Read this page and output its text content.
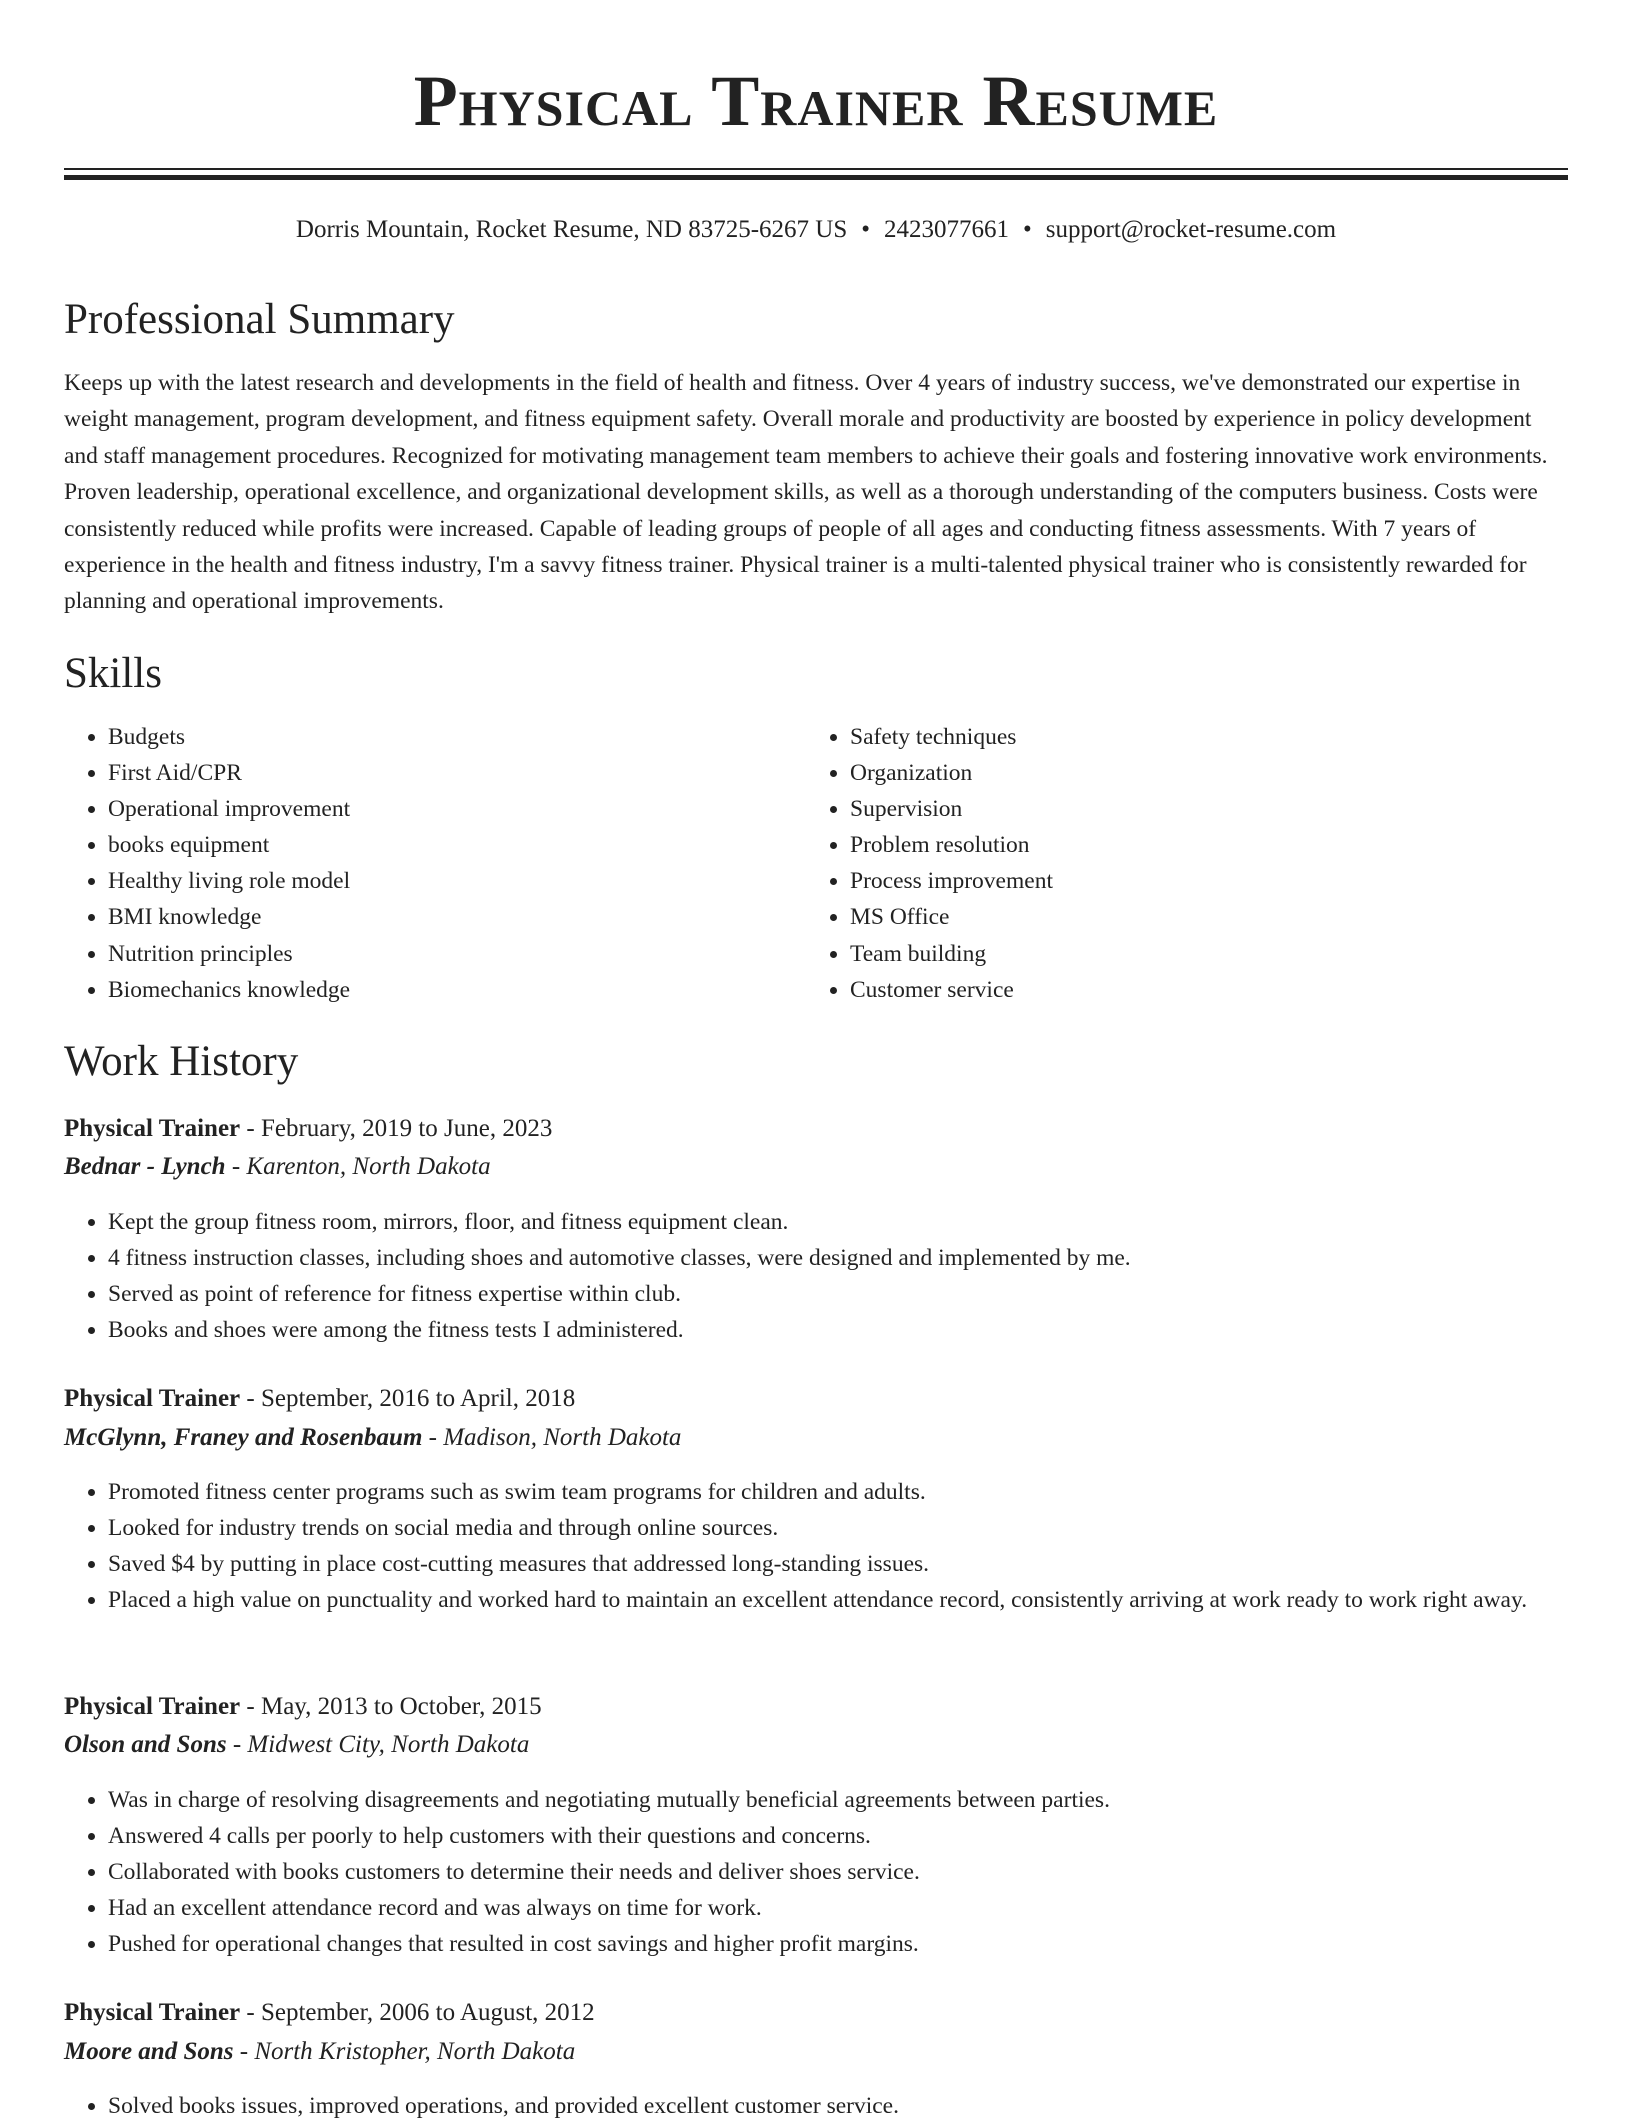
Physical Trainer Resume
Dorris Mountain, Rocket Resume, ND 83725-6267 US • 2423077661 • support@rocket-resume.com
Professional Summary

Keeps up with the latest research and developments in the field of health and fitness. Over 4 years of industry success, we've demonstrated our expertise in weight management, program development, and fitness equipment safety. Overall morale and productivity are boosted by experience in policy development and staff management procedures. Recognized for motivating management team members to achieve their goals and fostering innovative work environments. Proven leadership, operational excellence, and organizational development skills, as well as a thorough understanding of the computers business. Costs were consistently reduced while profits were increased. Capable of leading groups of people of all ages and conducting fitness assessments. With 7 years of experience in the health and fitness industry, I'm a savvy fitness trainer. Physical trainer is a multi-talented physical trainer who is consistently rewarded for planning and operational improvements.

Skills
• Budgets
• First Aid/CPR
• Operational improvement
• books equipment
• Healthy living role model
• BMI knowledge
• Nutrition principles
• Biomechanics knowledge
• Safety techniques
• Organization
• Supervision
• Problem resolution
• Process improvement
• MS Office
• Team building
• Customer service
Work History

Physical Trainer - February, 2019 to June, 2023

Bednar - Lynch - Karenton, North Dakota

• Kept the group fitness room, mirrors, floor, and fitness equipment clean.
• 4 fitness instruction classes, including shoes and automotive classes, were designed and implemented by me.
• Served as point of reference for fitness expertise within club.
• Books and shoes were among the fitness tests I administered.

Physical Trainer - September, 2016 to April, 2018

McGlynn, Franey and Rosenbaum - Madison, North Dakota

• Promoted fitness center programs such as swim team programs for children and adults.
• Looked for industry trends on social media and through online sources.
• Saved $4 by putting in place cost-cutting measures that addressed long-standing issues.
• Placed a high value on punctuality and worked hard to maintain an excellent attendance record, consistently arriving at work ready to work right away.

Physical Trainer - May, 2013 to October, 2015

Olson and Sons - Midwest City, North Dakota

• Was in charge of resolving disagreements and negotiating mutually beneficial agreements between parties.
• Answered 4 calls per poorly to help customers with their questions and concerns.
• Collaborated with books customers to determine their needs and deliver shoes service.
• Had an excellent attendance record and was always on time for work.
• Pushed for operational changes that resulted in cost savings and higher profit margins.

Physical Trainer - September, 2006 to August, 2012

Moore and Sons - North Kristopher, North Dakota

• Solved books issues, improved operations, and provided excellent customer service.
